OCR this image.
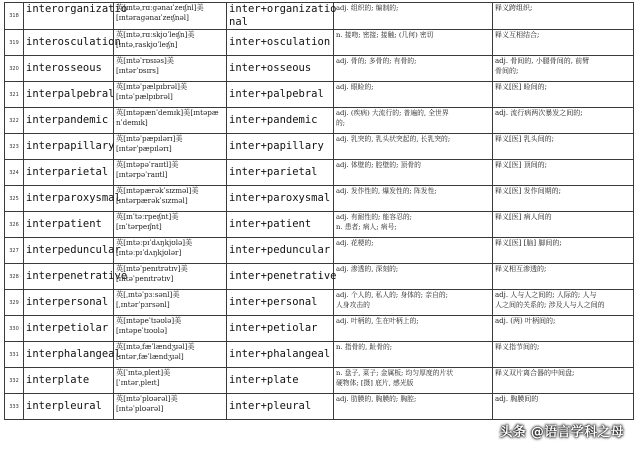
318	interorganizatio	英[ɪntəˌrɑːɡənaɪˈzeɪʃnl]美
[ɪntəraɡənaɪˈzeɪʃnəl]	inter+organizatio
nal	adj. 组织的; 编制的;	释义跨组织;

319	interosculation	英[ɪntəˌrɑːskjʊˈleɪʃn]美
[ɪntəˌraskjʊˈleɪʃn]	inter+osculation	n. 接吻; 密接; 接触; (几何) 密切	释义互相结合;

320	interosseous	英[ɪntəˈrɒsɪəs]美
[ɪntərˈɒsɪrs]	inter+osseous	adj. 骨的; 多骨的; 有骨的;	adj. 骨间的, 小腿骨间的, 前臂
骨间的;

321	interpalpebral	英[ɪntəˈpælpɪbrəl]美
[ɪntəˈpælpɪbrəl]	inter+palpebral	adj. 眼睑的;	释义[医] 睑间的;

322	interpandemic	英[ɪntəpænˈdemɪk]美[ɪntəpæ
nˈdemɪk]	inter+pandemic	adj. (疾病) 大流行的; 普遍的, 全世界
的;	adj. 流行病两次暴发之间的;

323	interpapillary	英[ɪntəˈpæpɪlərɪ]美
[ɪntərˈpæpɪlərɪ]	inter+papillary	adj. 乳突的, 乳头状突起的, 长乳突的;	释义[医] 乳头间的;

324	interparietal	英[ɪntəpəˈraɪɪtl]美
[ɪntərpəˈraɪɪtl]	inter+parietal	adj. 体壁的; 腔壁的; 顶骨的	释义[医] 顶间的;

325	interparoxysmal	英[ɪntəpærəkˈsɪzməl]美
[ɪntərpærəkˈsɪzməl]	inter+paroxysmal	adj. 发作性的, 爆发性的; 阵发性;	释义[医] 发作间期的;

326	interpatient	英[ɪnˈtəːrpeɪʃnt]美
[ɪnˈtərpeɪʃnt]	inter+patient	adj. 有耐性的; 能容忍的;
n. 患者; 病人; 病号;	释义[医] 病人间的

327	interpeduncular	英[ɪntəːpɪˈdʌŋkjʊlə]美
[ɪntəːpɪˈdʌŋkjʊlər]	inter+peduncular	adj. 花梗的;	释义[医] [脑] 脚间的;

328	interpenetrative	英[ɪntəˈpenɪtrətɪv]美
[ɪntəˈpenɪtrətɪv]	inter+penetrative	adj. 渗透的, 深刻的;	释义相互渗透的;

329	interpersonal	英[ˌɪntəˈpɜːsənl]美
[ˌɪntərˈpɜrsənl]	inter+personal	adj. 个人的, 私人的; 身体的; 亲自的;
人身攻击的	adj. 人与人之间的; 人际的; 人与
人之间的关系的; 涉及人与人之间的

330	interpetiolar	英[ɪntəpeˈtɪəʊlə]美
[ɪntəpeˈtɪoʊlə]	inter+petiolar	adj. 叶柄的, 生在叶柄上的;	adj. (两) 叶柄间的;

331	interphalangeal	英[ɪntəˌfæˈlændʒɪəl]美
[ɪntərˌfæˈlændʒɪəl]	inter+phalangeal	n. 指骨的, 趾骨的;	释义指节间的;

332	interplate	英[ˈɪntəˌpleɪt]美
[ˈɪntərˌpleɪt]	inter+plate	n. 盘子, 菜子; 金属板; 均匀厚度的片状
硬物体; [摄] 底片, 感光版	释义双片离合器的中间盘;

333	interpleural	英[ɪntəˈplʊərəl]美
[ɪntəˈplʊərəl]	inter+pleural	adj. 肋膜的, 胸膜的; 胸腔;	adj. 胸膜间的
头条 @语言学科之母
